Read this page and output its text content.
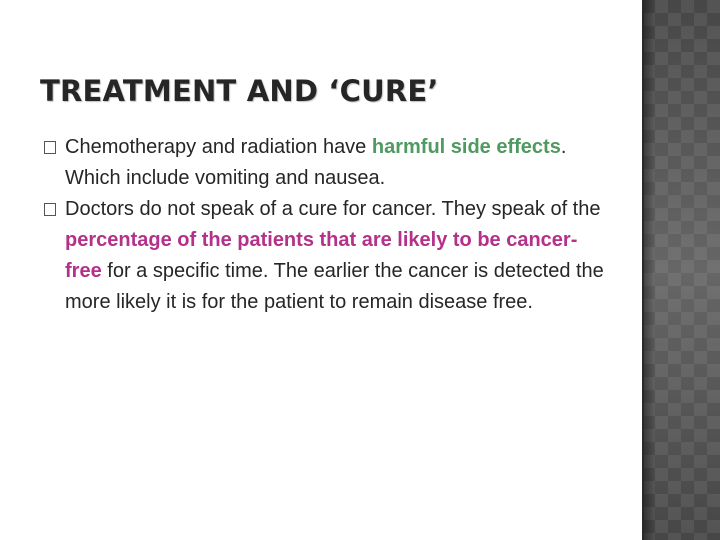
TREATMENT AND ‘CURE’
Chemotherapy and radiation have harmful side effects. Which include vomiting and nausea.
Doctors do not speak of a cure for cancer. They speak of the percentage of the patients that are likely to be cancer-free for a specific time. The earlier the cancer is detected the more likely it is for the patient to remain disease free.
